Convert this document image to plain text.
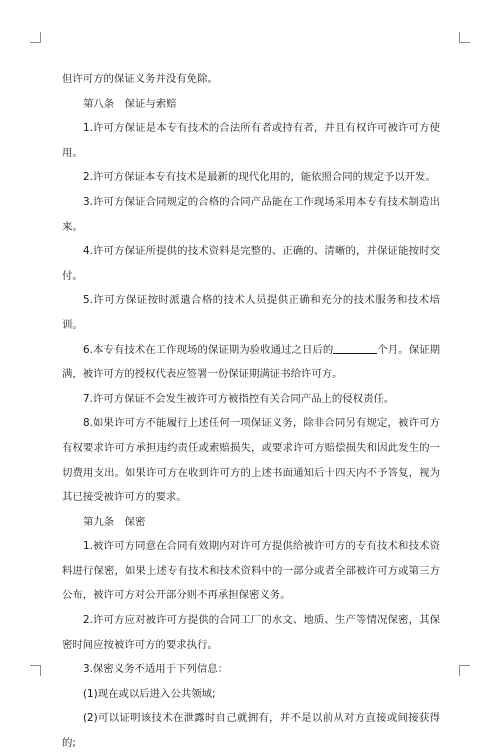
但许可方的保证义务并没有免除。

第八条　保证与索赔

1.许可方保证是本专有技术的合法所有者或持有者，并且有权许可被许可方使用。

2.许可方保证本专有技术是最新的现代化用的，能依照合同的规定予以开发。

3.许可方保证合同规定的合格的合同产品能在工作现场采用本专有技术制造出来。

4.许可方保证所提供的技术资料是完整的、正确的、清晰的，并保证能按时交付。

5.许可方保证按时派遣合格的技术人员提供正确和充分的技术服务和技术培训。

6.本专有技术在工作现场的保证期为验收通过之日后的	个月。保证期满，被许可方的授权代表应签署一份保证期满证书给许可方。

7.许可方保证不会发生被许可方被指控有关合同产品上的侵权责任。

8.如果许可方不能履行上述任何一项保证义务，除非合同另有规定，被许可方有权要求许可方承担违约责任或索赔损失，或要求许可方赔偿损失和因此发生的一切费用支出。如果许可方在收到许可方的上述书面通知后十四天内不予答复，视为其已接受被许可方的要求。

第九条　保密

1.被许可方同意在合同有效期内对许可方提供给被许可方的专有技术和技术资料进行保密，如果上述专有技术和技术资料中的一部分或者全部被许可方或第三方公布，被许可方对公开部分则不再承担保密义务。

2.许可方应对被许可方提供的合同工厂的水文、地质、生产等情况保密，其保密时间应按被许可方的要求执行。

3.保密义务不适用于下列信息：

(1)现在或以后进入公共领域;

(2)可以证明该技术在泄露时自己就拥有，并不是以前从对方直接或间接获得的;
